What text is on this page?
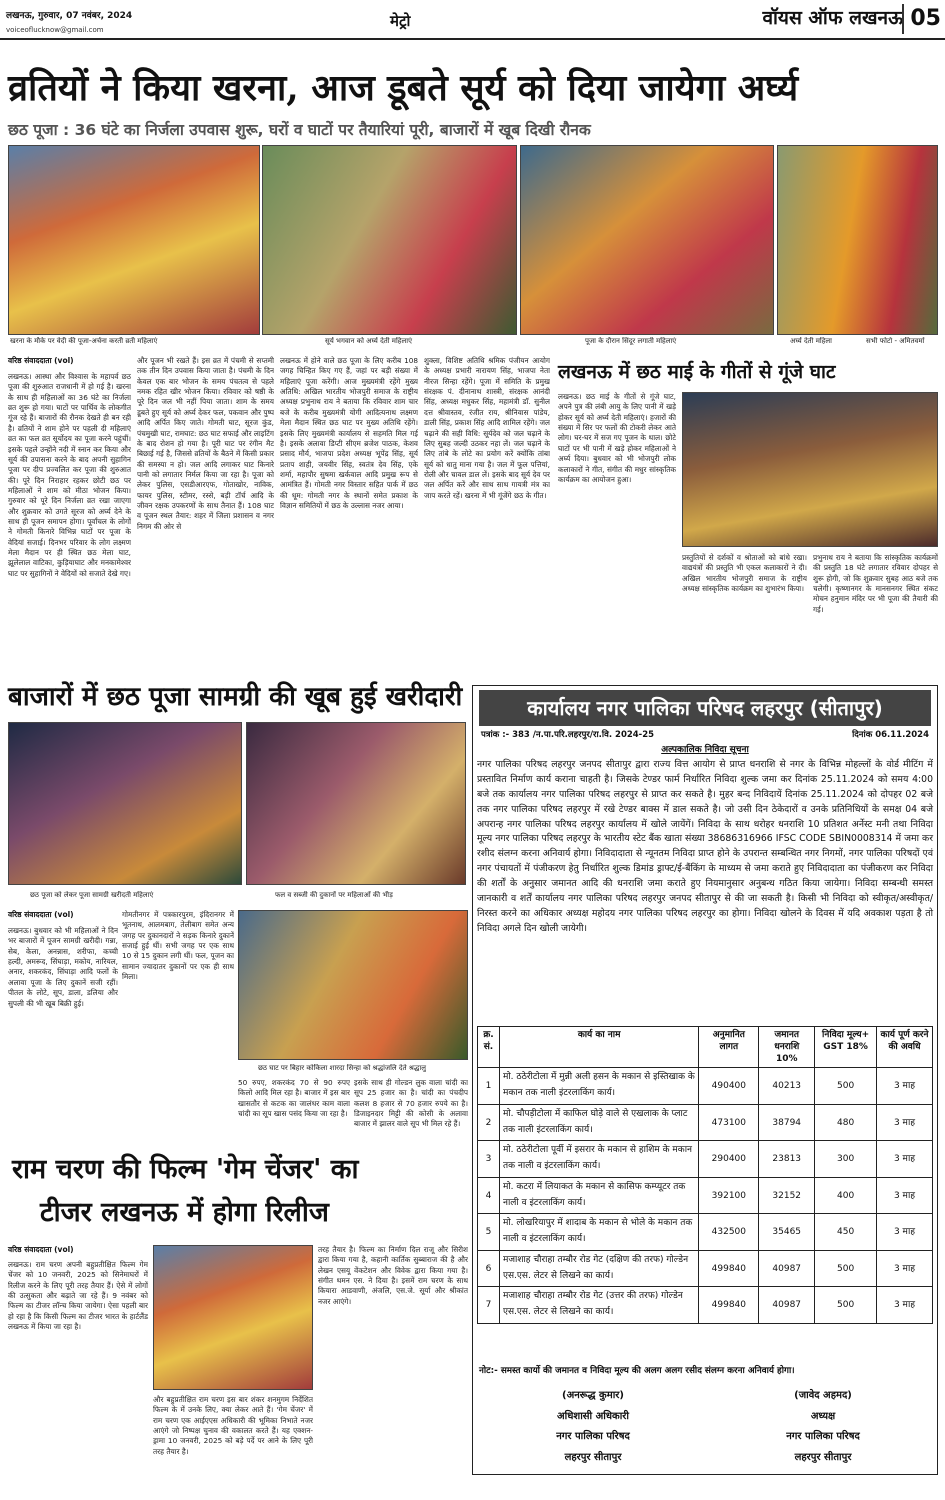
लखनऊ, गुरुवार, 07 नवंबर, 2024
voiceoflucknow@gmail.com	मेट्रो	वॉयस ऑफ लखनऊ 05
व्रतियों ने किया खरना, आज डूबते सूर्य को दिया जायेगा अर्घ्य
छठ पूजा : 36 घंटे का निर्जला उपवास शुरू, घरों व घाटों पर तैयारियां पूरी, बाजारों में खूब दिखी रौनक
खरना के मौके पर वेदी की पूजा-अर्चना करती व्रती महिलाएं	सूर्य भगवान को अर्घ्य देती महिलाएं	पूजा के दौरान सिंदूर लगाती महिलाएं	अर्घ्य देती महिला	सभी फोटो - अमितवर्मा
वरिष्ठ संवाददाता (vol)
लखनऊ। आस्था और विश्वास के महापर्व छठ पूजा की शुरुआत राजधानी में हो गई है। खरना के साथ ही महिलाओं का 36 घंटे का निर्जला व्रत शुरू हो गया। घाटों पर पार्थिव के लोकगीत गूंज रहे हैं। बाजारों की रौनक देखते ही बन रही है। व्रतियों ने शाम होने पर पहली दी महिलाएं व्रत का फल व्रत सूर्योदय का पूजा करने पहुंचीं। इसके पहले उन्होंने नदी में स्नान कर किया और सूर्य की उपासना करने के बाद अपनी सुहागिन पूजा पर दीप प्रज्वलित कर पूजा की शुरुआत की। पूरे दिन निराहार रहकर छोटी छठ पर महिलाओं ने शाम को मीठा भोजन किया। गुरुवार को पूरे दिन निर्जला व्रत रखा जाएगा और शुक्रवार को उगते सूरज को अर्घ्य देने के साथ ही पूजन समापन होगा। पूर्वांचल के लोगों ने गोमती किनारे विभिन्न घाटों पर पूजा के वेदियां सजाई। दिनभर परिवार के लोग लक्ष्मण मेला मैदान पर ही स्थित छठ मेला घाट, झूलेलाल वाटिका, कुड़ियाघाट और मनकामेश्वर घाट पर सुहागिनों ने वेदियों को सजाते देखे गए।
और पूजन भी रखते हैं। इस व्रत में पंचमी से सप्तमी तक तीन दिन उपवास किया जाता है। पंचमी के दिन केवल एक बार भोजन के समय पंचतत्व से पहले नमक रहित खीर भोजन किया। रविवार को षष्ठी के पूरे दिन जल भी नहीं पिया जाता। शाम के समय डूबते हुए सूर्य को अर्घ्य देकर फल, पकवान और पुष्प आदि अर्पित किए जाते। गोमती घाट, सूरज कुंड, पंचमुखी घाट, रामघाट: छठ घाट सफाई और लाइटिंग के बाद रोशन हो गया है। पूरी घाट पर रंगीन मैट बिछाई गई है, जिससे व्रतियों के बैठने में किसी प्रकार की समस्या न हो। जल आदि लगाकर घाट किनारे पानी को लगातार निर्मल किया जा रहा है। पूजा को लेकर पुलिस, एसडीआरएफ, गोताखोर, नाविक, फायर पुलिस, स्टीमर, रस्से, बड़ी टॉर्च आदि के जीवन रक्षक उपकरणों के साथ तैनात हैं। 108 घाट व पूजन स्थल तैयार: शहर में जिला प्रशासन व नगर निगम की ओर से
लखनऊ में होने वाले छठ पूजा के लिए करीब 108 जगह चिन्हित किए गए हैं, जहां पर बड़ी संख्या में महिलाएं पूजा करेंगी। आज मुख्यमंत्री रहेंगे मुख्य अतिथि: अखिल भारतीय भोजपुरी समाज के राष्ट्रीय अध्यक्ष प्रभुनाथ राय ने बताया कि रविवार शाम चार बजे के करीब मुख्यमंत्री योगी आदित्यनाथ लक्ष्मण मेला मैदान स्थित छठ घाट पर मुख्य अतिथि रहेंगे। इसके लिए मुख्यमंत्री कार्यालय से सहमति मिल गई है। इसके अलावा डिप्टी सीएम ब्रजेश पाठक, केशव प्रसाद मौर्य, भाजपा प्रदेश अध्यक्ष भूपेंद्र सिंह, सूर्य प्रताप शाही, जयवीर सिंह, स्वतंत्र देव सिंह, एके शर्मा, महापौर सुषमा खर्कवाल आदि प्रमुख रूप से आमंत्रित हैं। गोमती नगर विस्तार सहित पार्क में छठ की धूम: गोमती नगर के स्थानों समेत प्रकाश के विज्ञान समितियों में छठ के उल्लास नजर आया।
शुक्ला, विशिष्ट अतिथि श्रमिक पंजीयन आयोग के अध्यक्ष प्रभारी नारायण सिंह, भाजपा नेता नीरज सिन्हा रहेंगे। पूजा में समिति के प्रमुख संरक्षक पं. दीनानाथ शास्त्री, संरक्षक आनंदी सिंह, अध्यक्ष मधुकर सिंह, महामंत्री डॉ. सुनील दत्त श्रीवास्तव, रंजीत राय, श्रीनिवास पांडेय, डाली सिंह, प्रकाश सिंह आदि शामिल रहेंगे। जल चढ़ाने की सही विधि: सूर्यदेव को जल चढ़ाने के लिए सुबह जल्दी उठकर नहा लें। जल चढ़ाने के लिए तांबे के लोटे का प्रयोग करें क्योंकि तांबा सूर्य को धातु माना गया है। जल में फूल पत्तियां, रोली और चावल डाल लें। इसके बाद सूर्य देव पर जल अर्पित करें और साथ साथ गायत्री मंत्र का जाप करते रहें। खरना में भी गूंजेंगे छठ के गीत।
लखनऊ में छठ माई के गीतों से गूंजे घाट
लखनऊ। छठ माई के गीतों से गूंजे घाट, अपने पुत्र की लंबी आयु के लिए पानी में खड़े होकर सूर्य को अर्घ्य देती महिलाएं। हजारों की संख्या में सिर पर फलों की टोकरी लेकर आते लोग। घर-घर में सज गए पूजन के थाल। छोटे घाटों पर भी पानी में खड़े होकर महिलाओं ने अर्घ्य दिया। बुधवार को भी भोजपुरी लोक कलाकारों ने गीत, संगीत की मधुर सांस्कृतिक कार्यक्रम का आयोजन हुआ।
प्रस्तुतियों से दर्शकों व श्रोताओं को बांधे रखा। वाद्ययंत्रों की प्रस्तुति भी एकल कलाकारों ने दी। अखिल भारतीय भोजपुरी समाज के राष्ट्रीय अध्यक्ष सांस्कृतिक कार्यक्रम का शुभारंभ किया।
प्रभुनाथ राय ने बताया कि सांस्कृतिक कार्यक्रमों की प्रस्तुति 18 घंटे लगातार रविवार दोपहर से शुरू होगी, जो कि शुक्रवार सुबह आठ बजे तक चलेगी। कृष्णानगर के मानसनगर स्थित संकट मोचन हनुमान मंदिर पर भी पूजा की तैयारी की गई।
बाजारों में छठ पूजा सामग्री की खूब हुई खरीदारी
छठ पूजा को लेकर पूजा सामग्री खरीदती महिलाएं	फल व सब्जी की दुकानों पर महिलाओं की भीड़
वरिष्ठ संवाददाता (vol)
लखनऊ। बुधवार को भी महिलाओं ने दिन भर बाजारों में पूजन सामग्री खरीदी। गन्ना, सेब, केला, अनन्नास, शरीफा, कच्ची हल्दी, अमरूद, सिंघाड़ा, मकोय, नारियल, अनार, शकरकंद, सिंघाड़ा आदि फलों के अलावा पूजा के लिए दुकानें सजी रहीं। पीतल के लोटे, सूप, डाला, डलिया और सुपली की भी खूब बिक्री हुई।
गोमतीनगर में पत्रकारपुरम, इंदिरानगर में भूतनाथ, आलमबाग, तेलीबाग समेत अन्य जगह पर दुकानदारों ने सड़क किनारे दुकानें सजाई हुई थीं। सभी जगह पर एक साथ 10 से 15 दुकान लगी थीं। फल, पूजन का सामान ज्यादातर दुकानों पर एक ही साथ मिला।
छठ घाट पर बिहार कोकिला शारदा सिन्हा को श्रद्धांजलि देते श्रद्धालु
50 रुपए, शकरकंद 70 से 90 रुपए किलो आदि मिल रहा है। बाजार में इस बार खासतौर से कटक का जालंधर काम वाला चांदी का सूप खास पसंद किया जा रहा है।
इसके साथ ही गोल्डन लुक वाला चांदी का सूप 25 हजार का है। चांदी का पंचदीप कलश 8 हजार से 70 हजार रुपये का है। डिजाइनदार मिट्टी की कोसी के अलावा बाजार में झालर वाले सूप भी मिल रहे हैं।
राम चरण की फिल्म 'गेम चेंजर' का
टीजर लखनऊ में होगा रिलीज
वरिष्ठ संवाददाता (vol)
लखनऊ। राम चरण अपनी बहुप्रतीक्षित फिल्म गेम चेंजर को 10 जनवरी, 2025 को सिनेमाघरों में रिलीज करने के लिए पूरी तरह तैयार हैं। ऐसे में लोगों की उत्सुकता और बढ़ाते जा रहे हैं। 9 नवंबर को फिल्म का टीजर लॉन्च किया जायेगा। ऐसा पहली बार हो रहा है कि किसी फिल्म का टीजर भारत के हार्टलैंड लखनऊ में किया जा रहा है।
और बहुप्रतीक्षित राम चरण इस बार शंकर शनमुगम निर्देशित फिल्म के में उनके लिए, क्या लेकर आते हैं। 'गेम चेंजर' में राम चरण एक आईएएस अधिकारी की भूमिका निभाते नजर आएंगे जो निष्पक्ष चुनाव की वकालत करते हैं। यह एक्शन-ड्रामा 10 जनवरी, 2025 को बड़े पर्दे पर आने के लिए पूरी तरह तैयार है।
तरह तैयार है। फिल्म का निर्माण दिल राजू और सिरीश द्वारा किया गया है, कहानी कार्तिक सुब्बाराज की है और लेखन एसयू वेंकटेशन और विवेक द्वारा किया गया है। संगीत थमन एस. ने दिया है। इसमें राम चरण के साथ कियारा आडवाणी, अंजलि, एस.जे. सूर्या और श्रीकांत नजर आएंगे।
कार्यालय नगर पालिका परिषद लहरपुर (सीतापुर)
पत्रांक :- 383 /न.पा.परि.लहरपुर/रा.वि. 2024-25	दिनांक 06.11.2024
अल्पकालिक निविदा सूचना
नगर पालिका परिषद लहरपुर जनपद सीतापुर द्वारा राज्य वित्त आयोग से प्राप्त धनराशि से नगर के विभिन्न मोहल्लों के वोर्ड मीटिंग में प्रस्तावित निर्माण कार्य कराना चाहती है। जिसके टेण्डर फार्म निर्धारित निविदा शुल्क जमा कर दिनांक 25.11.2024 को समय 4:00 बजे तक कार्यालय नगर पालिका परिषद लहरपुर से प्राप्त कर सकते है। मुहर बन्द निविदायें दिनांक 25.11.2024 को दोपहर 02 बजे तक नगर पालिका परिषद लहरपुर में रखे टेण्डर बाक्स में डाल सकते है। जो उसी दिन ठेकेदारों व उनके प्रतिनिधियों के समक्ष 04 बजे अपरान्ह नगर पालिका परिषद लहरपुर कार्यालय में खोले जायेंगें। निविदा के साथ धरोहर धनराशि 10 प्रतिशत अर्नेस्ट मनी तथा निविदा मूल्य नगर पालिका परिषद लहरपुर के भारतीय स्टेट बैंक खाता संख्या 38686316966 IFSC CODE SBIN0008314 में जमा कर रशीद संलग्न करना अनिवार्य होगा। निविदादाता से न्यूनतम निविदा प्राप्त होने के उपरान्त सम्बन्धित नगर निगमों, नगर पालिका परिषदों एवं नगर पंचायतों में पंजीकरण हेतु निर्धारित शुल्क डिमांड ड्राफ्ट/ई-बैंकिंग के माध्यम से जमा कराते हुए निविदादाता का पंजीकरण कर निविदा की शर्तों के अनुसार जमानत आदि की धनराशि जमा कराते हुए नियमानुसार अनुबन्ध गठित किया जायेगा। निविदा सम्बन्धी समस्त जानकारी व शर्तें कार्यालय नगर पालिका परिषद लहरपुर जनपद सीतापुर से की जा सकती है। किसी भी निविदा को स्वीकृत/अस्वीकृत/निरस्त करने का अधिकार अध्यक्ष महोदय नगर पालिका परिषद लहरपुर का होगा। निविदा खोलने के दिवस में यदि अवकाश पड़ता है तो निविदा अगले दिन खोली जायेगी।
क्र. सं.	कार्य का नाम	अनुमानित लागत	जमानत धनराशि 10%	निविदा मूल्य+ GST 18%	कार्य पूर्ण करने की अवधि
1	मो. ठठेरीटोला में मुन्नी अली हसन के मकान से इस्तिखाक के मकान तक नाली इंटरलाकिंग कार्य।	490400	40213	500	3 माह
2	मो. चौपड़ीटोला में काफिल घोड़े वाले से एखलाक के प्लाट तक नाली इंटरलाकिंग कार्य।	473100	38794	480	3 माह
3	मो. ठठेरीटोला पूर्वी में इसरार के मकान से हाशिम के मकान तक नाली व इंटरलाकिंग कार्य।	290400	23813	300	3 माह
4	मो. कटरा में लियाकत के मकान से कासिफ कम्प्यूटर तक नाली व इंटरलाकिंग कार्य।	392100	32152	400	3 माह
5	मो. लोखरियापुर में शादाब के मकान से भोले के मकान तक नाली व इंटरलाकिंग कार्य।	432500	35465	450	3 माह
6	मजाशाह चौराहा तम्बौर रोड गेट (दक्षिण की तरफ) गोल्डेन एस.एस. लेटर से लिखने का कार्य।	499840	40987	500	3 माह
7	मजाशाह चौराहा तम्बौर रोड गेट (उत्तर की तरफ) गोल्डेन एस.एस. लेटर से लिखने का कार्य।	499840	40987	500	3 माह
नोट:- समस्त कार्यो की जमानत व निविदा मूल्य की अलग अलग रसीद संलग्न करना अनिवार्य होगा।
(अनरूद्ध कुमार)
अधिशासी अधिकारी
नगर पालिका परिषद
लहरपुर सीतापुर
(जावेद अहमद)
अध्यक्ष
नगर पालिका परिषद
लहरपुर सीतापुर
